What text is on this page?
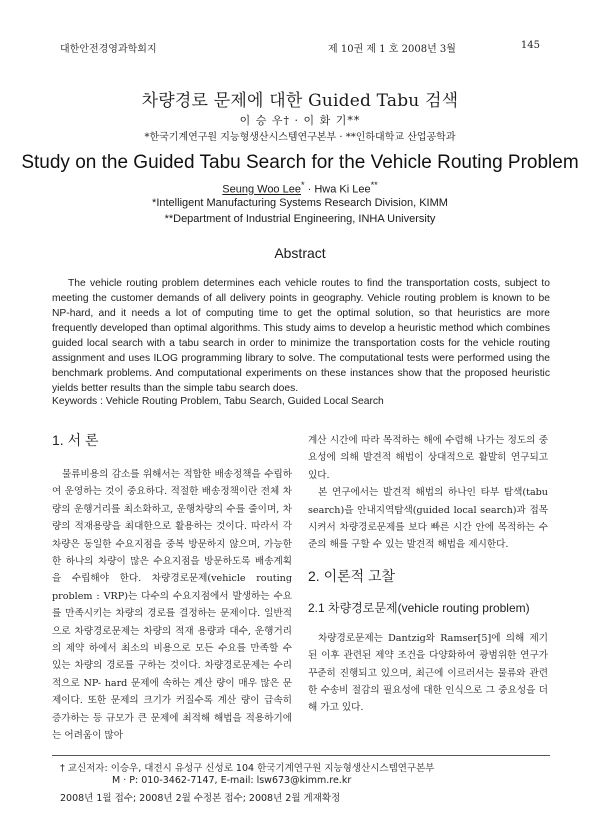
대한안전경영과학회지	제 10권 제 1 호 2008년 3월	145
차량경로 문제에 대한 Guided Tabu 검색
이 승 우† · 이 화 기**
*한국기계연구원 지능형생산시스템연구본부 · **인하대학교 산업공학과
Study on the Guided Tabu Search for the Vehicle Routing Problem
Seung Woo Lee* · Hwa Ki Lee**
*Intelligent Manufacturing Systems Research Division, KIMM
**Department of Industrial Engineering, INHA University
Abstract
The vehicle routing problem determines each vehicle routes to find the transportation costs, subject to meeting the customer demands of all delivery points in geography. Vehicle routing problem is known to be NP-hard, and it needs a lot of computing time to get the optimal solution, so that heuristics are more frequently developed than optimal algorithms. This study aims to develop a heuristic method which combines guided local search with a tabu search in order to minimize the transportation costs for the vehicle routing assignment and uses ILOG programming library to solve. The computational tests were performed using the benchmark problems. And computational experiments on these instances show that the proposed heuristic yields better results than the simple tabu search does.
Keywords : Vehicle Routing Problem, Tabu Search, Guided Local Search
1. 서 론

물류비용의 감소를 위해서는 적합한 배송정책을 수립하여 운영하는 것이 중요하다. 적절한 배송정책이란 전체 차량의 운행거리를 최소화하고, 운행차량의 수를 줄이며, 차량의 적재용량을 최대한으로 활용하는 것이다. 따라서 각 차량은 동일한 수요지점을 중복 방문하지 않으며, 가능한 한 하나의 차량이 많은 수요지점을 방문하도록 배송계획을 수립해야 한다. 차량경로문제(vehicle routing problem : VRP)는 다수의 수요지점에서 발생하는 수요를 만족시키는 차량의 경로를 결정하는 문제이다. 일반적으로 차량경로문제는 차량의 적재 용량과 대수, 운행거리의 제약 하에서 최소의 비용으로 모든 수요를 만족할 수 있는 차량의 경로를 구하는 것이다. 차량경로문제는 수리적으로 NP- hard 문제에 속하는 계산 량이 매우 많은 문제이다. 또한 문제의 크기가 커질수록 계산 량이 급속히 증가하는 등 규모가 큰 문제에 최적해 해법을 적용하기에는 어려움이 많아

계산 시간에 따라 목적하는 해에 수렴해 나가는 정도의 중요성에 의해 발견적 해법이 상대적으로 활발히 연구되고 있다.

본 연구에서는 발견적 해법의 하나인 타부 탐색(tabu search)을 안내지역탐색(guided local search)과 접목시켜서 차량경로문제를 보다 빠른 시간 안에 목적하는 수준의 해를 구할 수 있는 발견적 해법을 제시한다.

2. 이론적 고찰
2.1 차량경로문제(vehicle routing problem)

차량경로문제는 Dantzig와 Ramser[5]에 의해 제기된 이후 관련된 제약 조건을 다양화하여 광범위한 연구가 꾸준히 진행되고 있으며, 최근에 이르러서는 물류와 관련한 수송비 절감의 필요성에 대한 인식으로 그 중요성을 더해 가고 있다.

† 교신저자: 이승우, 대전시 유성구 신성로 104 한국기계연구원 지능형생산시스템연구본부
M · P: 010-3462-7147, E-mail: lsw673@kimm.re.kr
2008년 1월 접수; 2008년 2월 수정본 접수; 2008년 2월 게재확정
